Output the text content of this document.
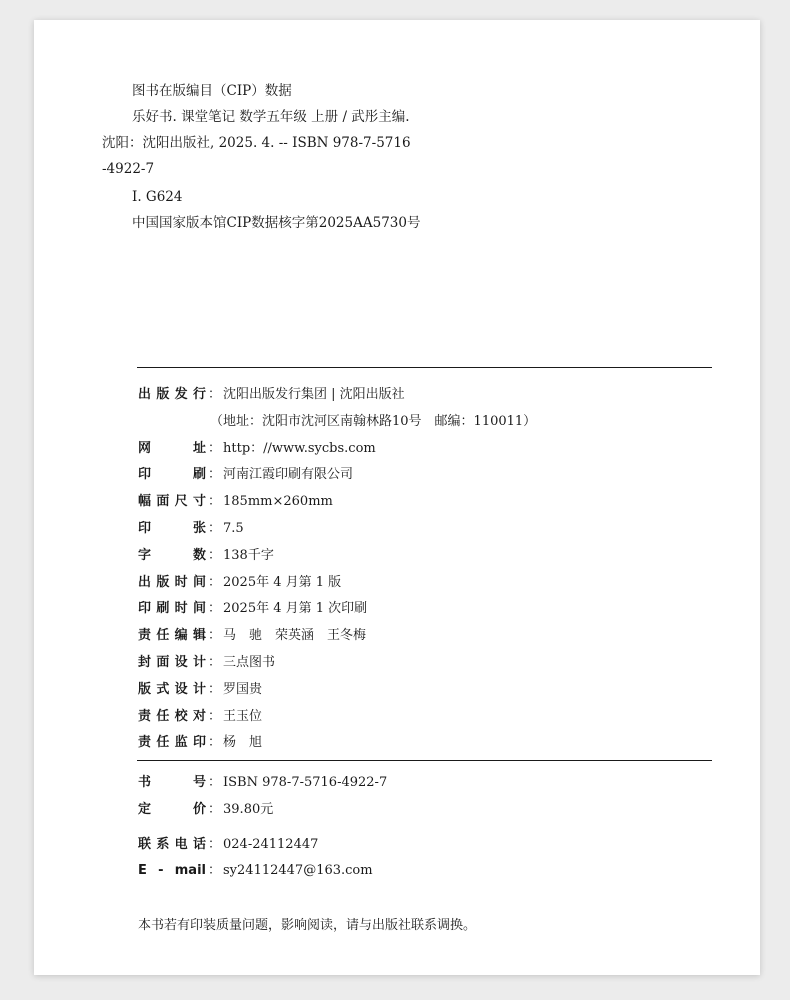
图书在版编目（CIP）数据
乐好书. 课堂笔记 数学五年级 上册 / 武彤主编.
沈阳：沈阳出版社, 2025. 4. -- ISBN 978-7-5716
-4922-7
Ⅰ. G624
中国国家版本馆CIP数据核字第2025AA5730号
出 版 发 行 ： 沈阳出版发行集团 | 沈阳出版社
（地址：沈阳市沈河区南翰林路10号　邮编：110011）
网	址 ： http：//www.sycbs.com
印	刷 ： 河南江霞印刷有限公司
幅 面 尺 寸 ： 185mm×260mm
印	张 ： 7.5
字	数 ： 138千字
出 版 时 间 ： 2025年 4 月第 1 版
印 刷 时 间 ： 2025年 4 月第 1 次印刷
责 任 编 辑 ： 马　驰　荣英涵　王冬梅
封 面 设 计 ： 三点图书
版 式 设 计 ： 罗国贵
责 任 校 对 ： 王玉位
责 任 监 印 ： 杨　旭
书	号 ： ISBN 978-7-5716-4922-7
定	价 ： 39.80元
联 系 电 话 ： 024-24112447
E - mail ： sy24112447@163.com
本书若有印装质量问题，影响阅读，请与出版社联系调换。
